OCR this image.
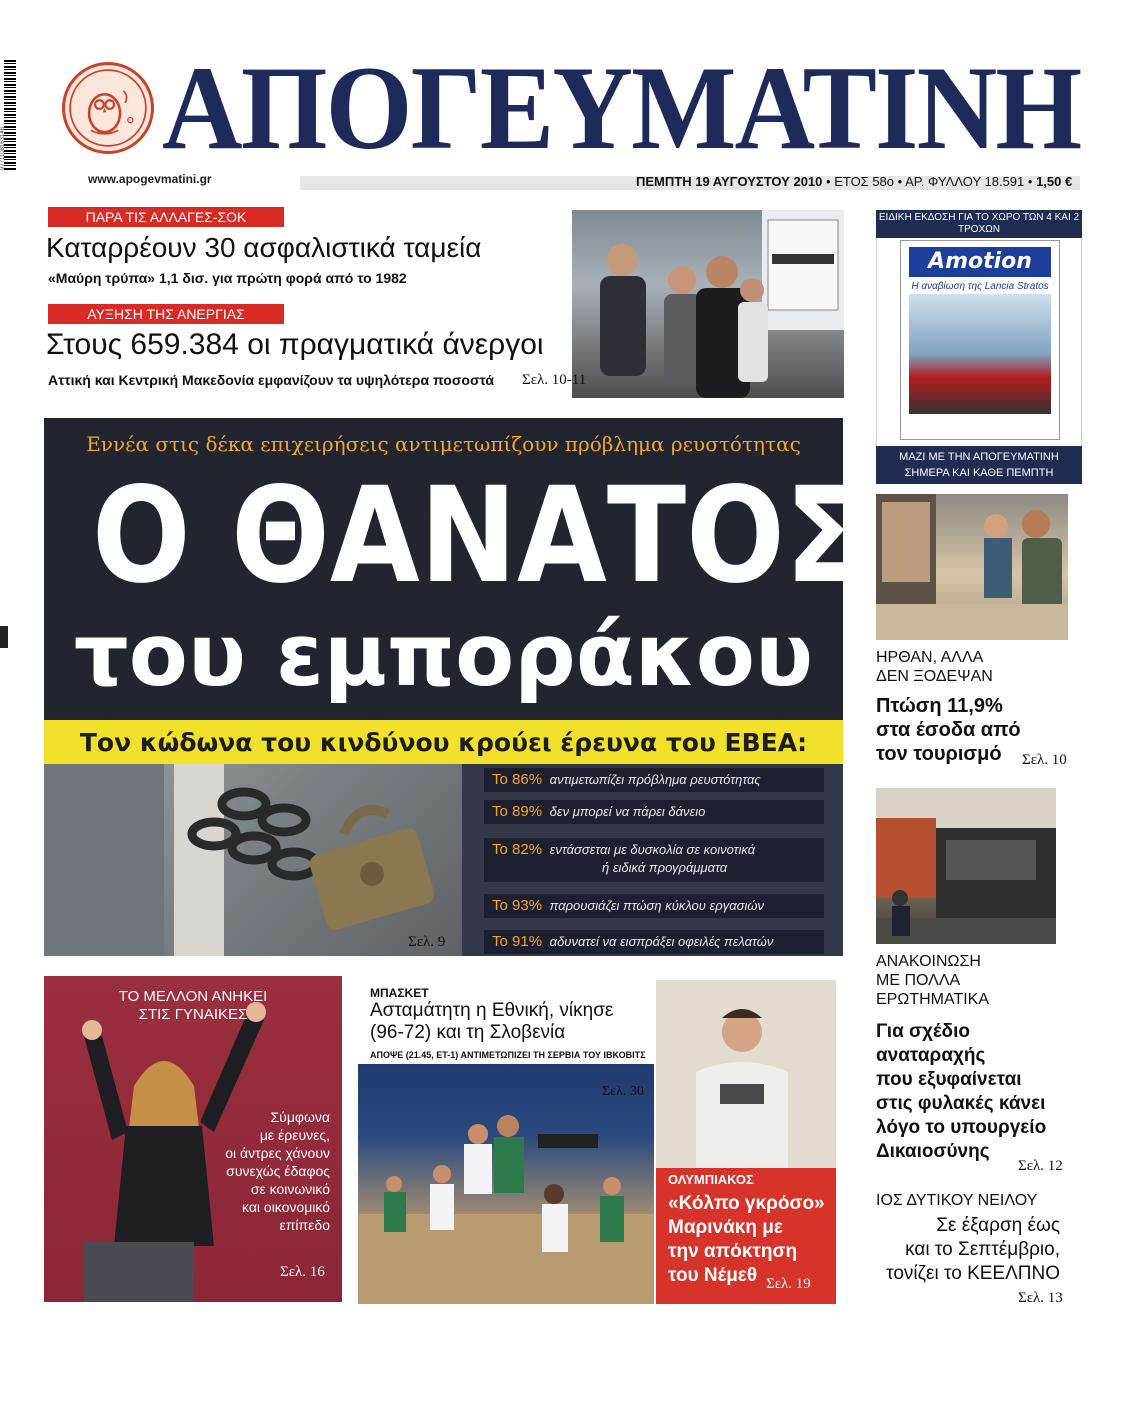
9771108163146 ΑΠΟΓΕΥΜΑΤΙΝΗ
www.apogevmatini.gr	ΠΕΜΠΤΗ 19 ΑΥΓΟΥΣΤΟΥ 2010 • ΕΤΟΣ 58ο • ΑΡ. ΦΥΛΛΟΥ 18.591 • 1,50 €
ΠΑΡΑ ΤΙΣ ΑΛΛΑΓΕΣ-ΣΟΚ
Καταρρέουν 30 ασφαλιστικά ταμεία
«Μαύρη τρύπα» 1,1 δισ. για πρώτη φορά από το 1982
ΑΥΞΗΣΗ ΤΗΣ ΑΝΕΡΓΙΑΣ
Στους 659.384 οι πραγματικά άνεργοι
Αττική και Κεντρική Μακεδονία εμφανίζουν τα υψηλότερα ποσοστά Σελ. 10-11
ΕΙΔΙΚΗ ΕΚΔΟΣΗ ΓΙΑ ΤΟ ΧΩΡΟ ΤΩΝ 4 ΚΑΙ 2 ΤΡΟΧΩΝ
Amotion
Η αναβίωση της Lancia Stratos
ΜΑΖΙ ΜΕ ΤΗΝ ΑΠΟΓΕΥΜΑΤΙΝΗ ΣΗΜΕΡΑ ΚΑΙ ΚΑΘΕ ΠΕΜΠΤΗ
Εννέα στις δέκα επιχειρήσεις αντιμετωπίζουν πρόβλημα ρευστότητας
Ο ΘΑΝΑΤΟΣ
του εμποράκου
Τον κώδωνα του κινδύνου κρούει έρευνα του ΕΒΕΑ:
Το 86% αντιμετωπίζει πρόβλημα ρευστότητας
Το 89% δεν μπορεί να πάρει δάνειο
Το 82% εντάσσεται με δυσκολία σε κοινοτικά
ή ειδικά προγράμματα
Το 93% παρουσιάζει πτώση κύκλου εργασιών
Το 91% αδυνατεί να εισπράξει οφειλές πελατών
Σελ. 9
ΗΡΘΑΝ, ΑΛΛΑ
ΔΕΝ ΞΟΔΕΨΑΝ
Πτώση 11,9%
στα έσοδα από
τον τουρισμό	Σελ. 10
ΑΝΑΚΟΙΝΩΣΗ
ΜΕ ΠΟΛΛΑ
ΕΡΩΤΗΜΑΤΙΚΑ
Για σχέδιο
αναταραχής
που εξυφαίνεται
στις φυλακές κάνει
λόγο το υπουργείο
Δικαιοσύνης
Σελ. 12
ΙΟΣ ΔΥΤΙΚΟΥ ΝΕΙΛΟΥ
Σε έξαρση έως
και το Σεπτέμβριο,
τονίζει το ΚΕΕΛΠΝΟ
Σελ. 13
ΤΟ ΜΕΛΛΟΝ ΑΝΗΚΕΙ
ΣΤΙΣ ΓΥΝΑΙΚΕΣ
Σύμφωνα
με έρευνες,
οι άντρες χάνουν
συνεχώς έδαφος
σε κοινωνικό
και οικονομικό
επίπεδο
Σελ. 16
ΜΠΑΣΚΕΤ
Ασταμάτητη η Εθνική, νίκησε
(96-72) και τη Σλοβενία
ΑΠΟΨΕ (21.45, ΕΤ-1) ΑΝΤΙΜΕΤΩΠΙΖΕΙ ΤΗ ΣΕΡΒΙΑ ΤΟΥ ΙΒΚΟΒΙΤΣ
Σελ. 30
ΟΛΥΜΠΙΑΚΟΣ
«Κόλπο γκρόσο»
Μαρινάκη με
την απόκτηση
του Νέμεθ Σελ. 19
